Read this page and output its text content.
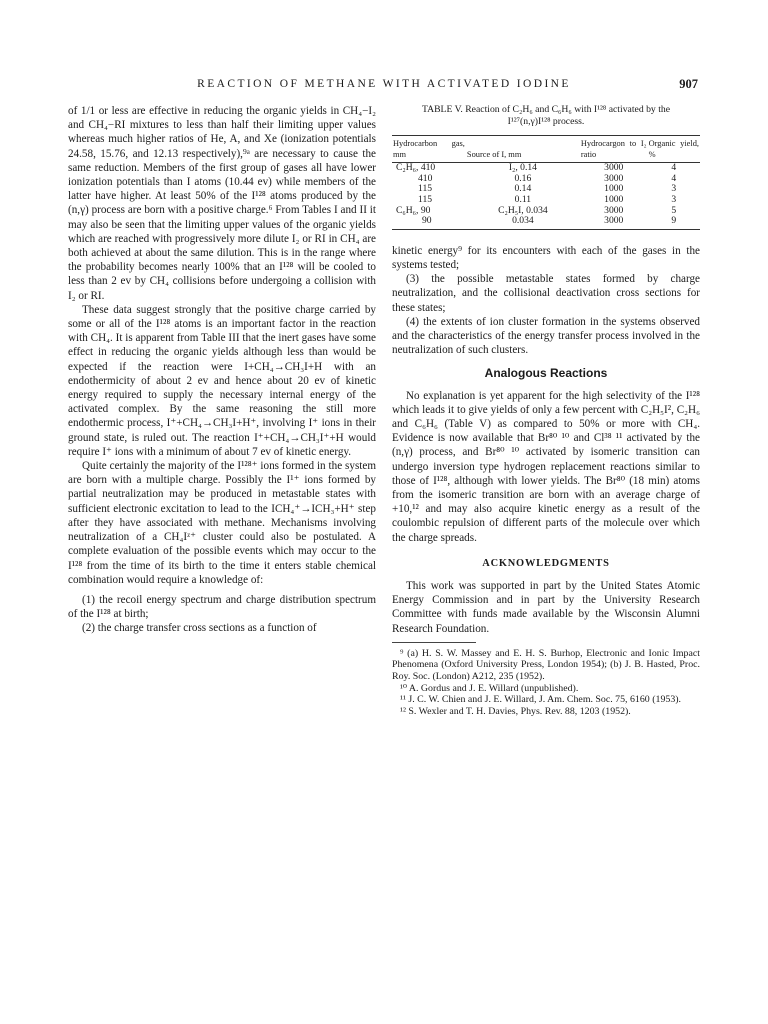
REACTION OF METHANE WITH ACTIVATED IODINE	907

of 1/1 or less are effective in reducing the organic yields in CH₄−I₂ and CH₄−RI mixtures to less than half their limiting upper values whereas much higher ratios of He, A, and Xe (ionization potentials 24.58, 15.76, and 12.13 respectively),⁹ᵃ are necessary to cause the same reduction. Members of the first group of gases all have lower ionization potentials than I atoms (10.44 ev) while members of the latter have higher. At least 50% of the I¹²⁸ atoms produced by the (n,γ) process are born with a positive charge.⁶ From Tables I and II it may also be seen that the limiting upper values of the organic yields which are reached with progressively more dilute I₂ or RI in CH₄ are both achieved at about the same dilution. This is in the range where the probability becomes nearly 100% that an I¹²⁸ will be cooled to less than 2 ev by CH₄ collisions before undergoing a collision with I₂ or RI.

These data suggest strongly that the positive charge carried by some or all of the I¹²⁸ atoms is an important factor in the reaction with CH₄. It is apparent from Table III that the inert gases have some effect in reducing the organic yields although less than would be expected if the reaction were I+CH₄→CH₃I+H with an endothermicity of about 2 ev and hence about 20 ev of kinetic energy required to supply the necessary internal energy of the activated complex. By the same reasoning the still more endothermic process, I⁺+CH₄→CH₃I+H⁺, involving I⁺ ions in their ground state, is ruled out. The reaction I⁺+CH₄→CH₃I⁺+H would require I⁺ ions with a minimum of about 7 ev of kinetic energy.

Quite certainly the majority of the I¹²⁸⁺ ions formed in the system are born with a multiple charge. Possibly the I¹⁺ ions formed by partial neutralization may be produced in metastable states with sufficient electronic excitation to lead to the ICH₄⁺→ICH₃+H⁺ step after they have associated with methane. Mechanisms involving neutralization of a CH₄Iᶻ⁺ cluster could also be postulated. A complete evaluation of the possible events which may occur to the I¹²⁸ from the time of its birth to the time it enters stable chemical combination would require a knowledge of:

(1) the recoil energy spectrum and charge distribution spectrum of the I¹²⁸ at birth;

(2) the charge transfer cross sections as a function of

TABLE V. Reaction of C₂H₆ and C₆H₆ with I¹²⁸ activated by the I¹²⁷(n,γ)I¹²⁸ process.
Hydrocarbon gas, mm	Source of I, mm	Hydrocargon to I₂ ratio	Organic yield, %
C₂H₆, 410	I₂, 0.14	3000	4
410	0.16	3000	4
115	0.14	1000	3
115	0.11	1000	3
C₆H₆, 90	C₂H₅I, 0.034	3000	5
90	0.034	3000	9

kinetic energy⁹ for its encounters with each of the gases in the systems tested;

(3) the possible metastable states formed by charge neutralization, and the collisional deactivation cross sections for these states;

(4) the extents of ion cluster formation in the systems observed and the characteristics of the energy transfer process involved in the neutralization of such clusters.

Analogous Reactions

No explanation is yet apparent for the high selectivity of the I¹²⁸ which leads it to give yields of only a few percent with C₂H₅I², C₂H₆ and C₆H₆ (Table V) as compared to 50% or more with CH₄. Evidence is now available that Br⁸⁰ ¹⁰ and Cl³⁸ ¹¹ activated by the (n,γ) process, and Br⁸⁰ ¹⁰ activated by isomeric transition can undergo inversion type hydrogen replacement reactions similar to those of I¹²⁸, although with lower yields. The Br⁸⁰ (18 min) atoms from the isomeric transition are born with an average charge of +10,¹² and may also acquire kinetic energy as a result of the coulombic repulsion of different parts of the molecule over which the charge spreads.

ACKNOWLEDGMENTS

This work was supported in part by the United States Atomic Energy Commission and in part by the University Research Committee with funds made available by the Wisconsin Alumni Research Foundation.

⁹ (a) H. S. W. Massey and E. H. S. Burhop, Electronic and Ionic Impact Phenomena (Oxford University Press, London 1954); (b) J. B. Hasted, Proc. Roy. Soc. (London) A212, 235 (1952).

¹⁰ A. Gordus and J. E. Willard (unpublished).

¹¹ J. C. W. Chien and J. E. Willard, J. Am. Chem. Soc. 75, 6160 (1953).

¹² S. Wexler and T. H. Davies, Phys. Rev. 88, 1203 (1952).
